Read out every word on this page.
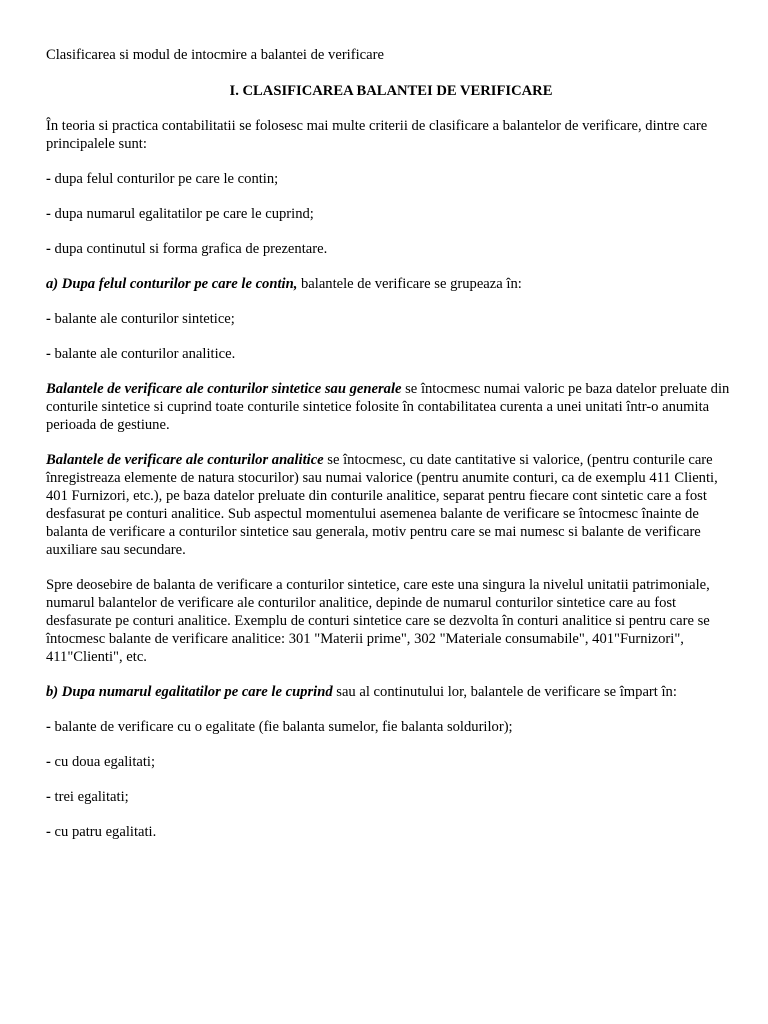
Clasificarea si modul de intocmire a balantei de verificare

I. CLASIFICAREA BALANTEI DE VERIFICARE

În teoria si practica contabilitatii se folosesc mai multe criterii de clasificare a balantelor de verificare, dintre care principalele sunt:

- dupa felul conturilor pe care le contin;

- dupa numarul egalitatilor pe care le cuprind;

- dupa continutul si forma grafica de prezentare.

a) Dupa felul conturilor pe care le contin, balantele de verificare se grupeaza în:

- balante ale conturilor sintetice;

- balante ale conturilor analitice.

Balantele de verificare ale conturilor sintetice sau generale se întocmesc numai valoric pe baza datelor preluate din conturile sintetice si cuprind toate conturile sintetice folosite în contabilitatea curenta a unei unitati într-o anumita perioada de gestiune.

Balantele de verificare ale conturilor analitice se întocmesc, cu date cantitative si valorice, (pentru conturile care înregistreaza elemente de natura stocurilor) sau numai valorice (pentru anumite conturi, ca de exemplu 411 Clienti, 401 Furnizori, etc.), pe baza datelor preluate din conturile analitice, separat pentru fiecare cont sintetic care a fost desfasurat pe conturi analitice. Sub aspectul momentului asemenea balante de verificare se întocmesc înainte de balanta de verificare a conturilor sintetice sau generala, motiv pentru care se mai numesc si balante de verificare auxiliare sau secundare.

Spre deosebire de balanta de verificare a conturilor sintetice, care este una singura la nivelul unitatii patrimoniale, numarul balantelor de verificare ale conturilor analitice, depinde de numarul conturilor sintetice care au fost desfasurate pe conturi analitice. Exemplu de conturi sintetice care se dezvolta în conturi analitice si pentru care se întocmesc balante de verificare analitice: 301 "Materii prime", 302 "Materiale consumabile", 401"Furnizori", 411"Clienti", etc.

b) Dupa numarul egalitatilor pe care le cuprind sau al continutului lor, balantele de verificare se împart în:

- balante de verificare cu o egalitate (fie balanta sumelor, fie balanta soldurilor);

- cu doua egalitati;

- trei egalitati;

- cu patru egalitati.
